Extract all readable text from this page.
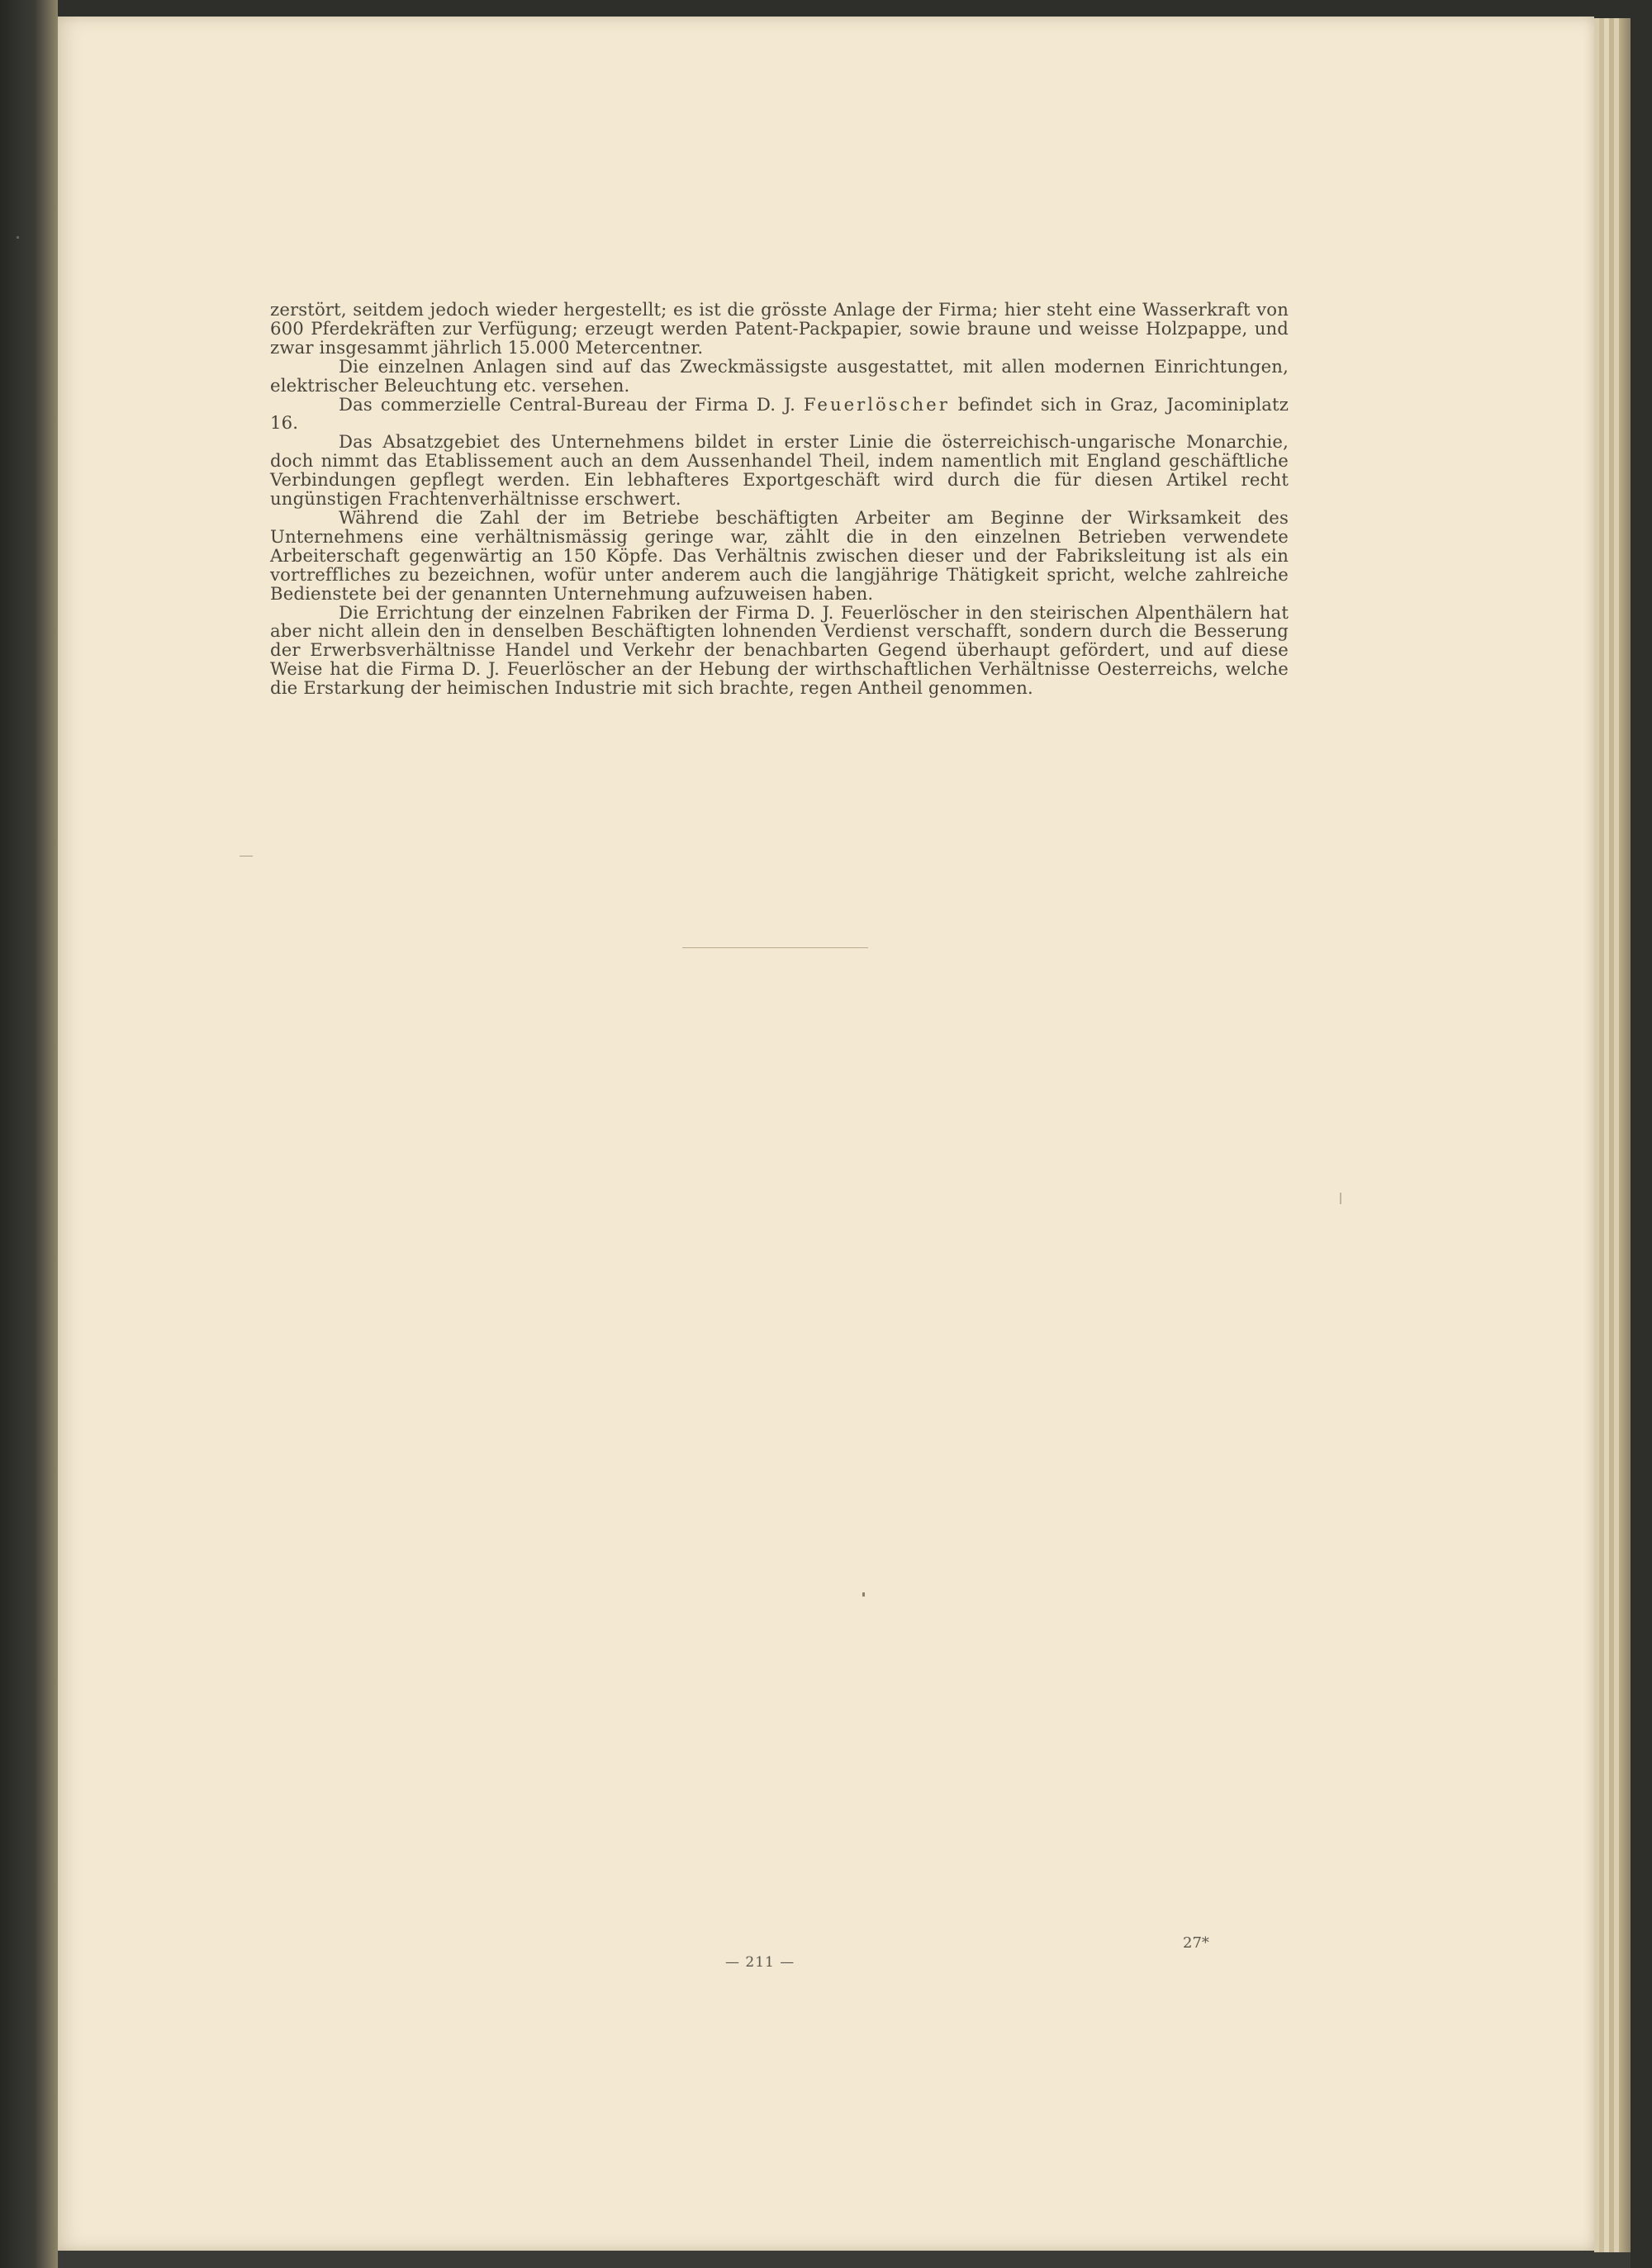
zerstört, seitdem jedoch wieder hergestellt; es ist die grösste Anlage der Firma; hier steht eine Wasserkraft von 600 Pferdekräften zur Verfügung; erzeugt werden Patent-Packpapier, sowie braune und weisse Holzpappe, und zwar insgesammt jährlich 15.000 Metercentner.

Die einzelnen Anlagen sind auf das Zweckmässigste ausgestattet, mit allen modernen Einrichtungen, elektrischer Beleuchtung etc. versehen.

Das commerzielle Central-Bureau der Firma D. J. Feuerlöscher befindet sich in Graz, Jacominiplatz 16.

Das Absatzgebiet des Unternehmens bildet in erster Linie die österreichisch-ungarische Monarchie, doch nimmt das Etablissement auch an dem Aussenhandel Theil, indem namentlich mit England geschäftliche Verbindungen gepflegt werden. Ein lebhafteres Exportgeschäft wird durch die für diesen Artikel recht ungünstigen Frachtenverhältnisse erschwert.

Während die Zahl der im Betriebe beschäftigten Arbeiter am Beginne der Wirksamkeit des Unternehmens eine verhältnismässig geringe war, zählt die in den einzelnen Betrieben verwendete Arbeiterschaft gegenwärtig an 150 Köpfe. Das Verhältnis zwischen dieser und der Fabriksleitung ist als ein vortreffliches zu bezeichnen, wofür unter anderem auch die langjährige Thätigkeit spricht, welche zahlreiche Bedienstete bei der genannten Unternehmung aufzuweisen haben.

Die Errichtung der einzelnen Fabriken der Firma D. J. Feuerlöscher in den steirischen Alpenthälern hat aber nicht allein den in denselben Beschäftigten lohnenden Verdienst verschafft, sondern durch die Besserung der Erwerbsverhältnisse Handel und Verkehr der benachbarten Gegend überhaupt gefördert, und auf diese Weise hat die Firma D. J. Feuerlöscher an der Hebung der wirthschaftlichen Verhältnisse Oesterreichs, welche die Erstarkung der heimischen Industrie mit sich brachte, regen Antheil genommen.

— 211 —
27*
